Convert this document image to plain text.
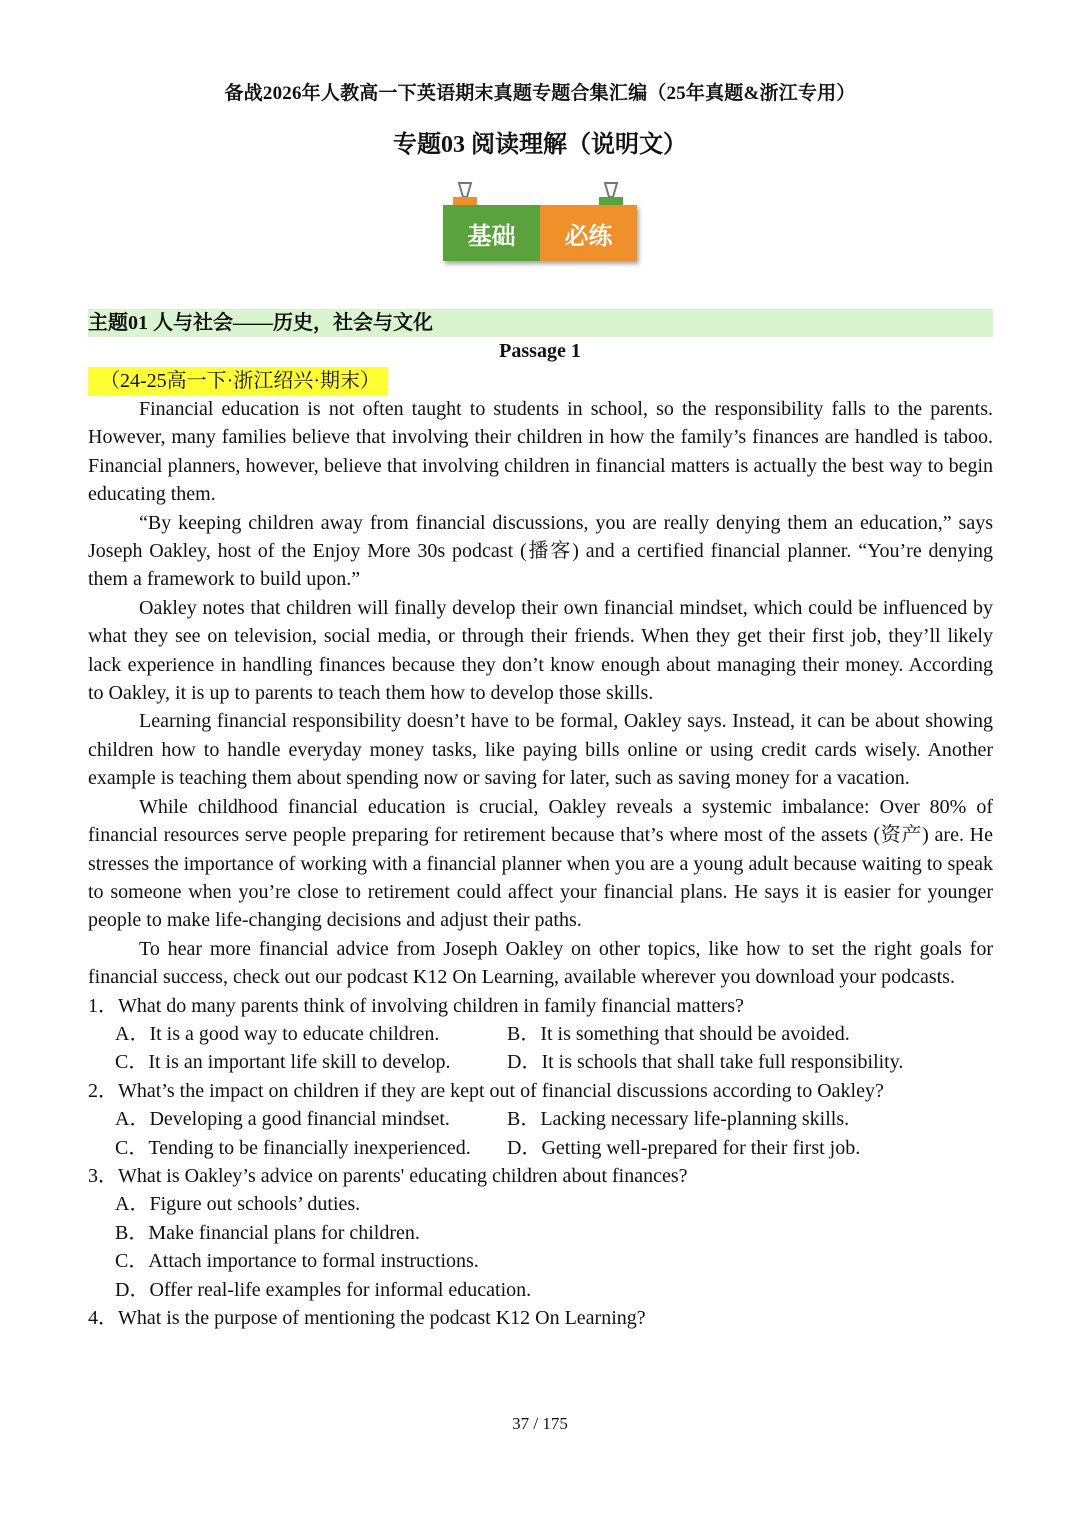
备战2026年人教高一下英语期末真题专题合集汇编（25年真题&浙江专用）
专题03 阅读理解（说明文）
基础	必练
主题01 人与社会——历史，社会与文化
Passage 1
（24-25高一下·浙江绍兴·期末）

Financial education is not often taught to students in school, so the responsibility falls to the parents. However, many families believe that involving their children in how the family’s finances are handled is taboo. Financial planners, however, believe that involving children in financial matters is actually the best way to begin educating them.

“By keeping children away from financial discussions, you are really denying them an education,” says Joseph Oakley, host of the Enjoy More 30s podcast (播客) and a certified financial planner. “You’re denying them a framework to build upon.”

Oakley notes that children will finally develop their own financial mindset, which could be influenced by what they see on television, social media, or through their friends. When they get their first job, they’ll likely lack experience in handling finances because they don’t know enough about managing their money. According to Oakley, it is up to parents to teach them how to develop those skills.

Learning financial responsibility doesn’t have to be formal, Oakley says. Instead, it can be about showing children how to handle everyday money tasks, like paying bills online or using credit cards wisely. Another example is teaching them about spending now or saving for later, such as saving money for a vacation.

While childhood financial education is crucial, Oakley reveals a systemic imbalance: Over 80% of financial resources serve people preparing for retirement because that’s where most of the assets (资产) are. He stresses the importance of working with a financial planner when you are a young adult because waiting to speak to someone when you’re close to retirement could affect your financial plans. He says it is easier for younger people to make life-changing decisions and adjust their paths.

To hear more financial advice from Joseph Oakley on other topics, like how to set the right goals for financial success, check out our podcast K12 On Learning, available wherever you download your podcasts.

1．What do many parents think of involving children in family financial matters?
A．It is a good way to educate children.	B．It is something that should be avoided.
C．It is an important life skill to develop.	D．It is schools that shall take full responsibility.
2．What’s the impact on children if they are kept out of financial discussions according to Oakley?
A．Developing a good financial mindset.	B．Lacking necessary life-planning skills.
C．Tending to be financially inexperienced.	D．Getting well-prepared for their first job.
3．What is Oakley’s advice on parents' educating children about finances?
A．Figure out schools’ duties.
B．Make financial plans for children.
C．Attach importance to formal instructions.
D．Offer real-life examples for informal education.
4．What is the purpose of mentioning the podcast K12 On Learning?
37 / 175
